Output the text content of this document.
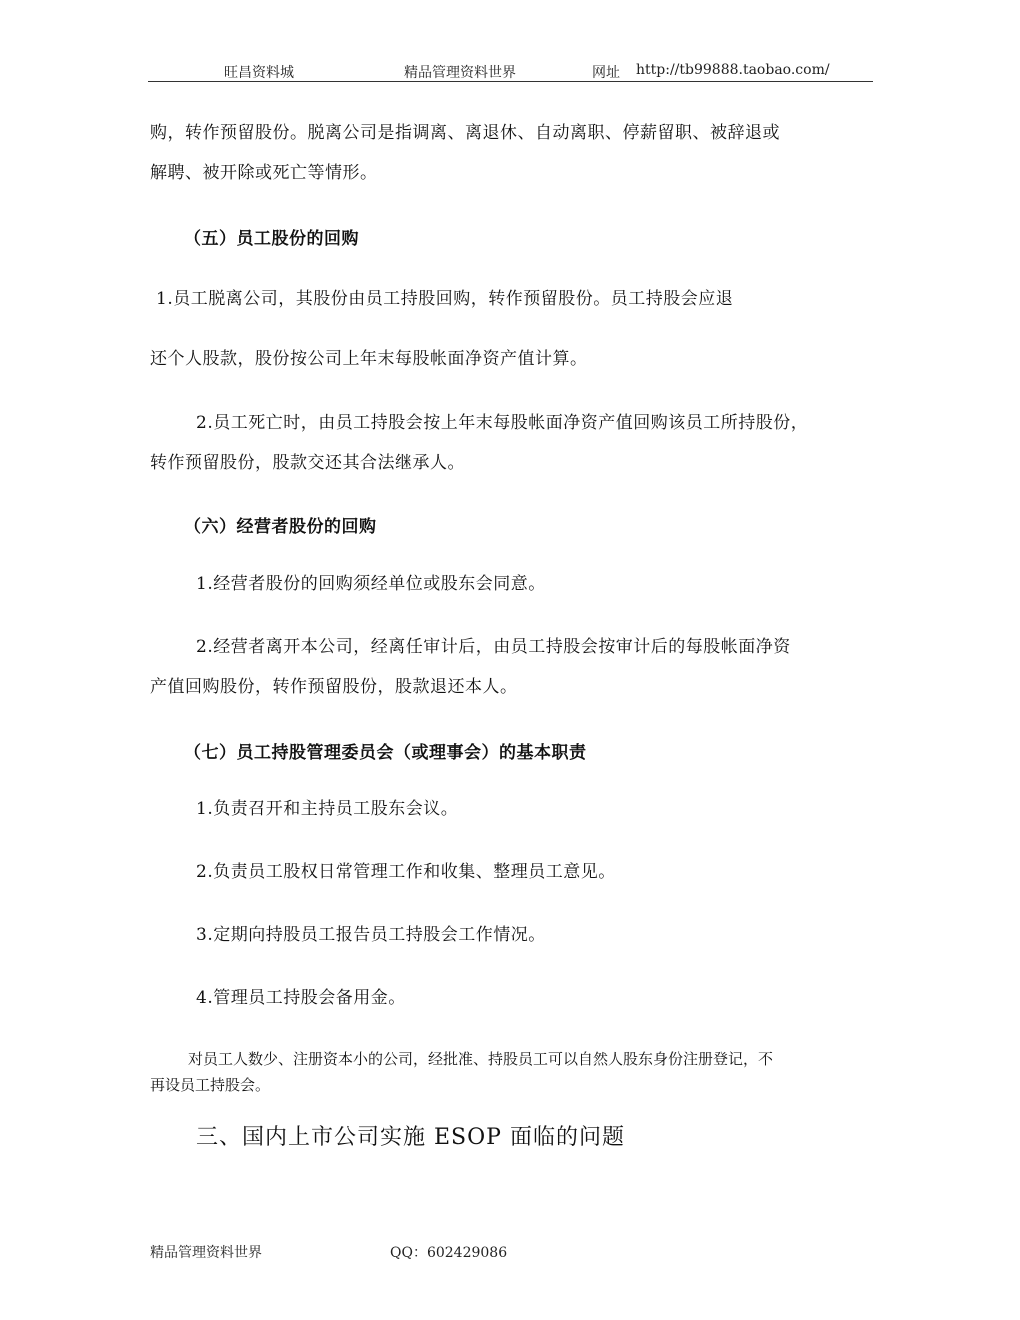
旺昌资料城	精品管理资料世界	网址 http://tb99888.taobao.com/
购，转作预留股份。脱离公司是指调离、离退休、自动离职、停薪留职、被辞退或
解聘、被开除或死亡等情形。
（五）员工股份的回购
1.员工脱离公司，其股份由员工持股回购，转作预留股份。员工持股会应退
还个人股款，股份按公司上年末每股帐面净资产值计算。
2.员工死亡时，由员工持股会按上年末每股帐面净资产值回购该员工所持股份，
转作预留股份，股款交还其合法继承人。
（六）经营者股份的回购
1.经营者股份的回购须经单位或股东会同意。
2.经营者离开本公司，经离任审计后，由员工持股会按审计后的每股帐面净资
产值回购股份，转作预留股份，股款退还本人。
（七）员工持股管理委员会（或理事会）的基本职责
1.负责召开和主持员工股东会议。
2.负责员工股权日常管理工作和收集、整理员工意见。
3.定期向持股员工报告员工持股会工作情况。
4.管理员工持股会备用金。
对员工人数少、注册资本小的公司，经批准、持股员工可以自然人股东身份注册登记，不
再设员工持股会。
三、国内上市公司实施 ESOP 面临的问题
精品管理资料世界	QQ：602429086
